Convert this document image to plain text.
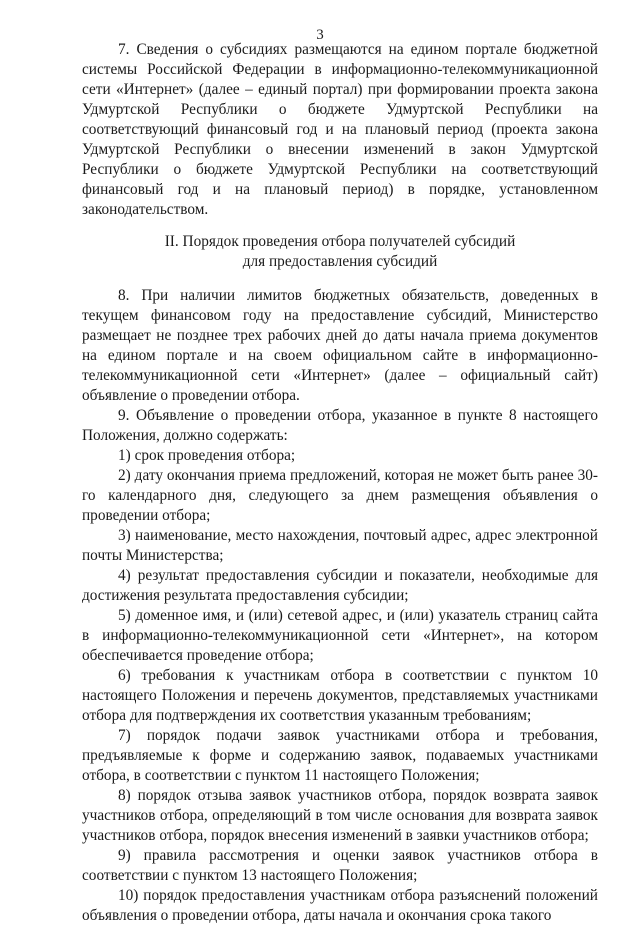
3

7. Сведения о субсидиях размещаются на едином портале бюджетной системы Российской Федерации в информационно-телекоммуникационной сети «Интернет» (далее – единый портал) при формировании проекта закона Удмуртской Республики о бюджете Удмуртской Республики на соответствующий финансовый год и на плановый период (проекта закона Удмуртской Республики о внесении изменений в закон Удмуртской Республики о бюджете Удмуртской Республики на соответствующий финансовый год и на плановый период) в порядке, установленном законодательством.

II. Порядок проведения отбора получателей субсидий
для предоставления субсидий

8. При наличии лимитов бюджетных обязательств, доведенных в текущем финансовом году на предоставление субсидий, Министерство размещает не позднее трех рабочих дней до даты начала приема документов на едином портале и на своем официальном сайте в информационно-телекоммуникационной сети «Интернет» (далее – официальный сайт) объявление о проведении отбора.

9. Объявление о проведении отбора, указанное в пункте 8 настоящего Положения, должно содержать:

1) срок проведения отбора;

2) дату окончания приема предложений, которая не может быть ранее 30-го календарного дня, следующего за днем размещения объявления о проведении отбора;

3) наименование, место нахождения, почтовый адрес, адрес электронной почты Министерства;

4) результат предоставления субсидии и показатели, необходимые для достижения результата предоставления субсидии;

5) доменное имя, и (или) сетевой адрес, и (или) указатель страниц сайта в информационно-телекоммуникационной сети «Интернет», на котором обеспечивается проведение отбора;

6) требования к участникам отбора в соответствии с пунктом 10 настоящего Положения и перечень документов, представляемых участниками отбора для подтверждения их соответствия указанным требованиям;

7) порядок подачи заявок участниками отбора и требования, предъявляемые к форме и содержанию заявок, подаваемых участниками отбора, в соответствии с пунктом 11 настоящего Положения;

8) порядок отзыва заявок участников отбора, порядок возврата заявок участников отбора, определяющий в том числе основания для возврата заявок участников отбора, порядок внесения изменений в заявки участников отбора;

9) правила рассмотрения и оценки заявок участников отбора в соответствии с пунктом 13 настоящего Положения;

10) порядок предоставления участникам отбора разъяснений положений объявления о проведении отбора, даты начала и окончания срока такого
